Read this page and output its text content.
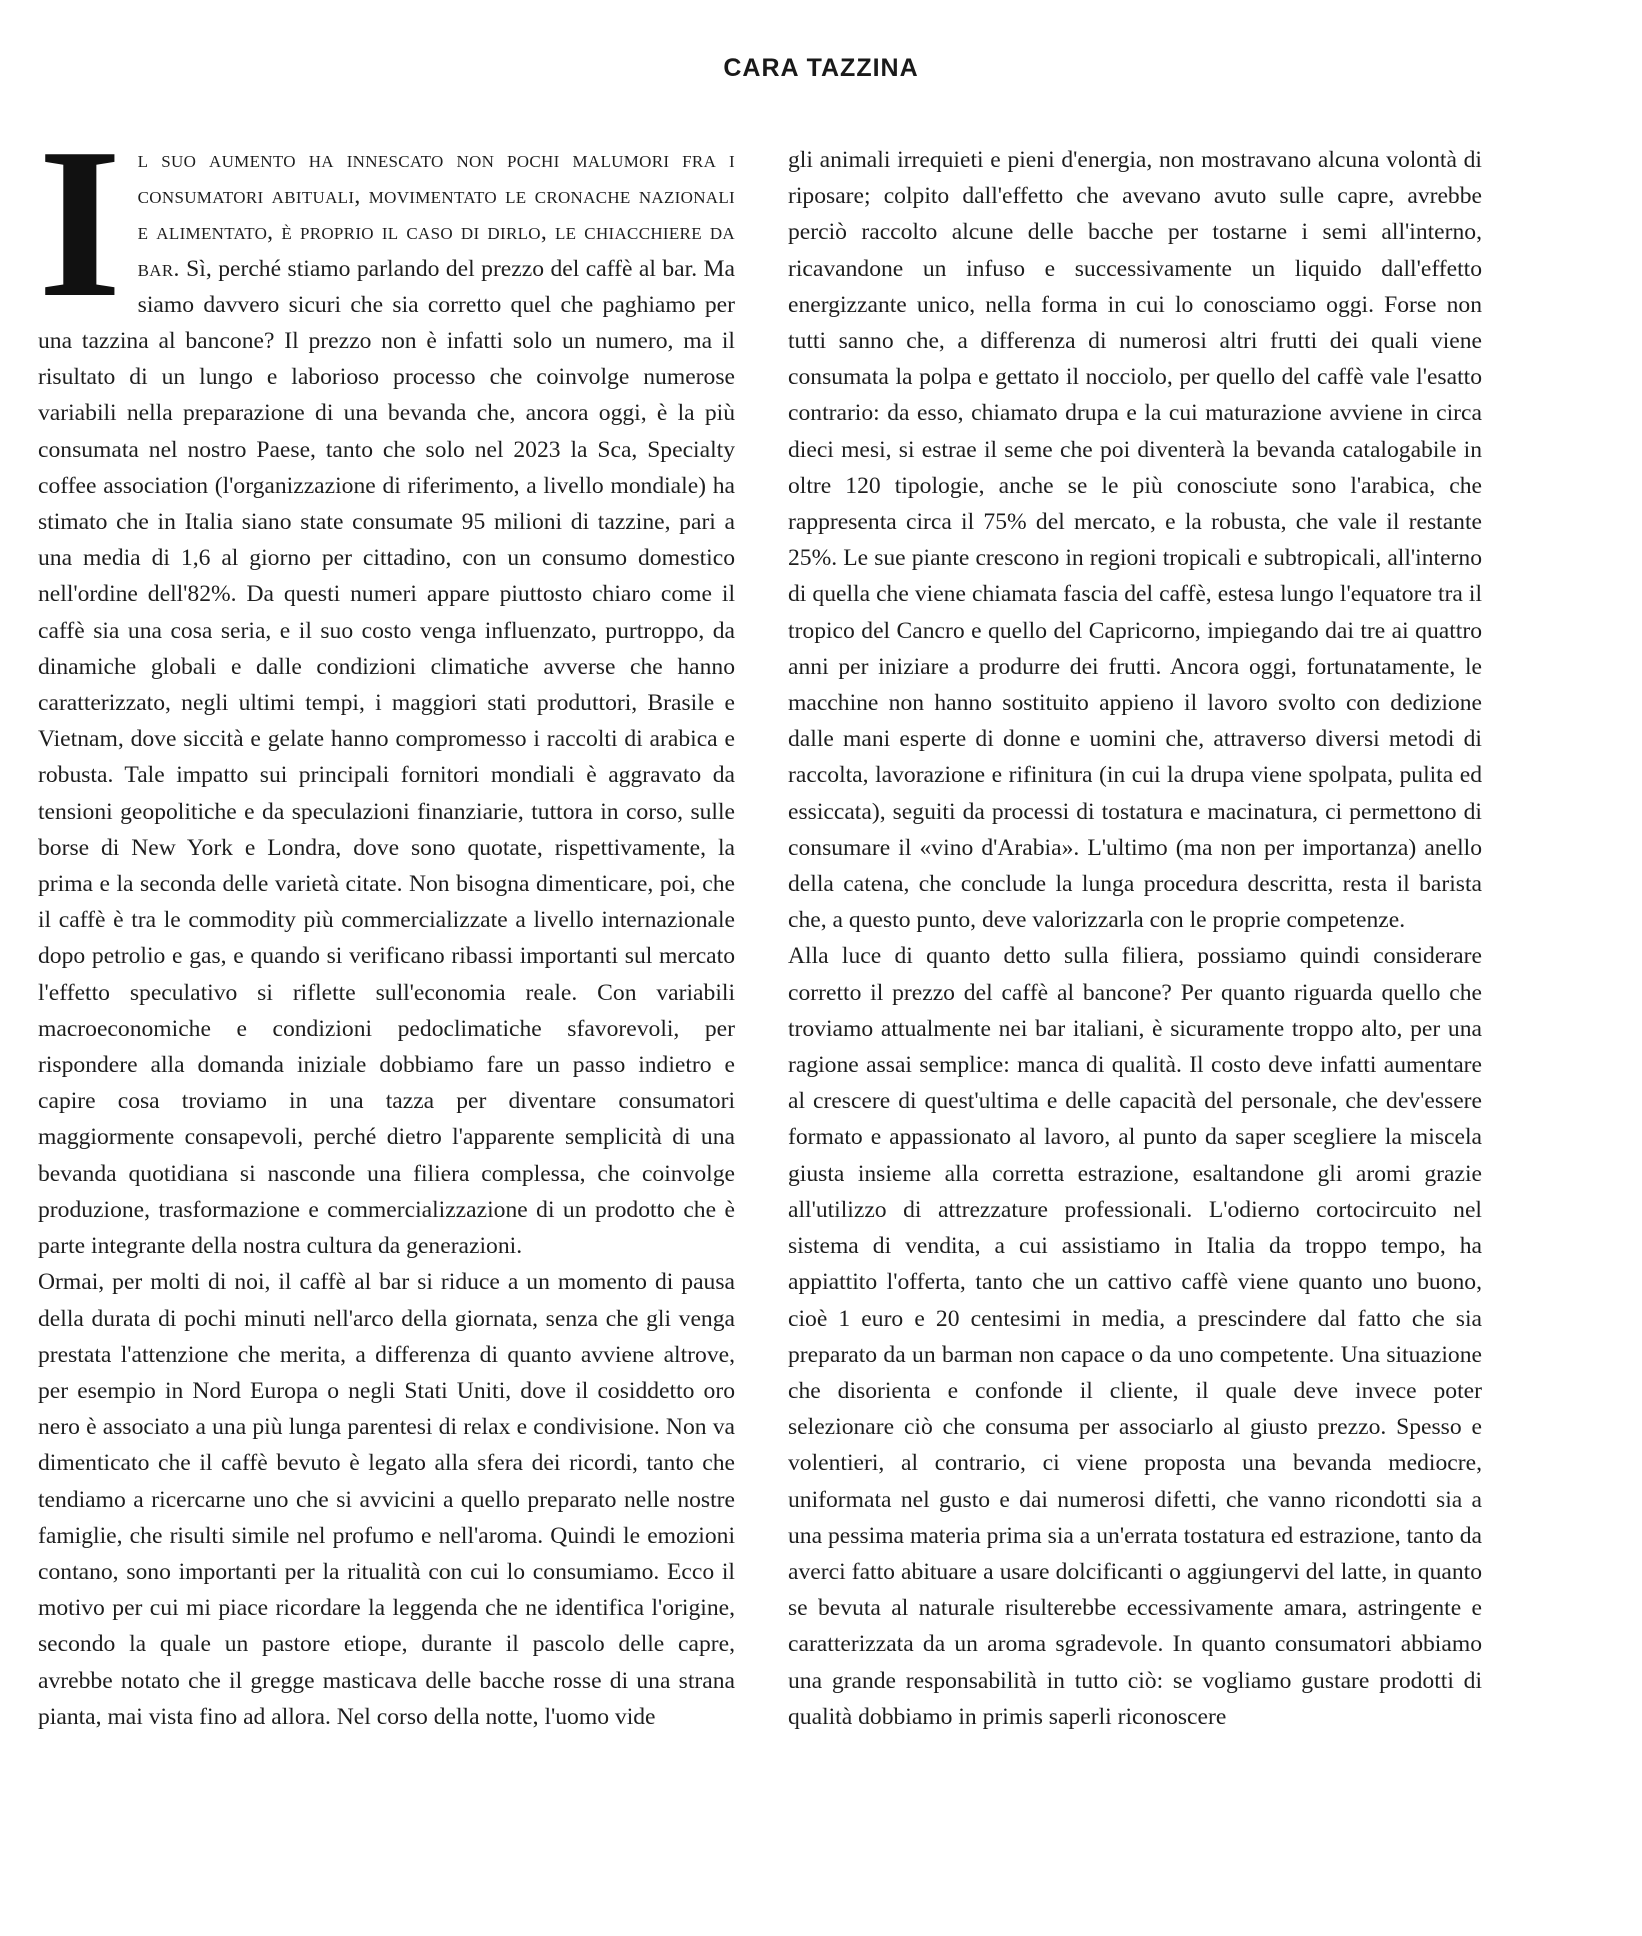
CARA TAZZINA

Il suo aumento ha innescato non pochi malumori fra i consumatori abituali, movimentato le cronache nazionali e alimentato, è proprio il caso di dirlo, le chiacchiere da bar. Sì, perché stiamo parlando del prezzo del caffè al bar. Ma siamo davvero sicuri che sia corretto quel che paghiamo per una tazzina al bancone? Il prezzo non è infatti solo un numero, ma il risultato di un lungo e laborioso processo che coinvolge numerose variabili nella preparazione di una bevanda che, ancora oggi, è la più consumata nel nostro Paese, tanto che solo nel 2023 la Sca, Specialty coffee association (l'organizzazione di riferimento, a livello mondiale) ha stimato che in Italia siano state consumate 95 milioni di tazzine, pari a una media di 1,6 al giorno per cittadino, con un consumo domestico nell'ordine dell'82%. Da questi numeri appare piuttosto chiaro come il caffè sia una cosa seria, e il suo costo venga influenzato, purtroppo, da dinamiche globali e dalle condizioni climatiche avverse che hanno caratterizzato, negli ultimi tempi, i maggiori stati produttori, Brasile e Vietnam, dove siccità e gelate hanno compromesso i raccolti di arabica e robusta. Tale impatto sui principali fornitori mondiali è aggravato da tensioni geopolitiche e da speculazioni finanziarie, tuttora in corso, sulle borse di New York e Londra, dove sono quotate, rispettivamente, la prima e la seconda delle varietà citate. Non bisogna dimenticare, poi, che il caffè è tra le commodity più commercializzate a livello internazionale dopo petrolio e gas, e quando si verificano ribassi importanti sul mercato l'effetto speculativo si riflette sull'economia reale. Con variabili macroeconomiche e condizioni pedoclimatiche sfavorevoli, per rispondere alla domanda iniziale dobbiamo fare un passo indietro e capire cosa troviamo in una tazza per diventare consumatori maggiormente consapevoli, perché dietro l'apparente semplicità di una bevanda quotidiana si nasconde una filiera complessa, che coinvolge produzione, trasformazione e commercializzazione di un prodotto che è parte integrante della nostra cultura da generazioni.

Ormai, per molti di noi, il caffè al bar si riduce a un momento di pausa della durata di pochi minuti nell'arco della giornata, senza che gli venga prestata l'attenzione che merita, a differenza di quanto avviene altrove, per esempio in Nord Europa o negli Stati Uniti, dove il cosiddetto oro nero è associato a una più lunga parentesi di relax e condivisione. Non va dimenticato che il caffè bevuto è legato alla sfera dei ricordi, tanto che tendiamo a ricercarne uno che si avvicini a quello preparato nelle nostre famiglie, che risulti simile nel profumo e nell'aroma. Quindi le emozioni contano, sono importanti per la ritualità con cui lo consumiamo. Ecco il motivo per cui mi piace ricordare la leggenda che ne identifica l'origine, secondo la quale un pastore etiope, durante il pascolo delle capre, avrebbe notato che il gregge masticava delle bacche rosse di una strana pianta, mai vista fino ad allora. Nel corso della notte, l'uomo vide

gli animali irrequieti e pieni d'energia, non mostravano alcuna volontà di riposare; colpito dall'effetto che avevano avuto sulle capre, avrebbe perciò raccolto alcune delle bacche per tostarne i semi all'interno, ricavandone un infuso e successivamente un liquido dall'effetto energizzante unico, nella forma in cui lo conosciamo oggi. Forse non tutti sanno che, a differenza di numerosi altri frutti dei quali viene consumata la polpa e gettato il nocciolo, per quello del caffè vale l'esatto contrario: da esso, chiamato drupa e la cui maturazione avviene in circa dieci mesi, si estrae il seme che poi diventerà la bevanda catalogabile in oltre 120 tipologie, anche se le più conosciute sono l'arabica, che rappresenta circa il 75% del mercato, e la robusta, che vale il restante 25%. Le sue piante crescono in regioni tropicali e subtropicali, all'interno di quella che viene chiamata fascia del caffè, estesa lungo l'equatore tra il tropico del Cancro e quello del Capricorno, impiegando dai tre ai quattro anni per iniziare a produrre dei frutti. Ancora oggi, fortunatamente, le macchine non hanno sostituito appieno il lavoro svolto con dedizione dalle mani esperte di donne e uomini che, attraverso diversi metodi di raccolta, lavorazione e rifinitura (in cui la drupa viene spolpata, pulita ed essiccata), seguiti da processi di tostatura e macinatura, ci permettono di consumare il «vino d'Arabia». L'ultimo (ma non per importanza) anello della catena, che conclude la lunga procedura descritta, resta il barista che, a questo punto, deve valorizzarla con le proprie competenze.

Alla luce di quanto detto sulla filiera, possiamo quindi considerare corretto il prezzo del caffè al bancone? Per quanto riguarda quello che troviamo attualmente nei bar italiani, è sicuramente troppo alto, per una ragione assai semplice: manca di qualità. Il costo deve infatti aumentare al crescere di quest'ultima e delle capacità del personale, che dev'essere formato e appassionato al lavoro, al punto da saper scegliere la miscela giusta insieme alla corretta estrazione, esaltandone gli aromi grazie all'utilizzo di attrezzature professionali. L'odierno cortocircuito nel sistema di vendita, a cui assistiamo in Italia da troppo tempo, ha appiattito l'offerta, tanto che un cattivo caffè viene quanto uno buono, cioè 1 euro e 20 centesimi in media, a prescindere dal fatto che sia preparato da un barman non capace o da uno competente. Una situazione che disorienta e confonde il cliente, il quale deve invece poter selezionare ciò che consuma per associarlo al giusto prezzo. Spesso e volentieri, al contrario, ci viene proposta una bevanda mediocre, uniformata nel gusto e dai numerosi difetti, che vanno ricondotti sia a una pessima materia prima sia a un'errata tostatura ed estrazione, tanto da averci fatto abituare a usare dolcificanti o aggiungervi del latte, in quanto se bevuta al naturale risulterebbe eccessivamente amara, astringente e caratterizzata da un aroma sgradevole. In quanto consumatori abbiamo una grande responsabilità in tutto ciò: se vogliamo gustare prodotti di qualità dobbiamo in primis saperli riconoscere
